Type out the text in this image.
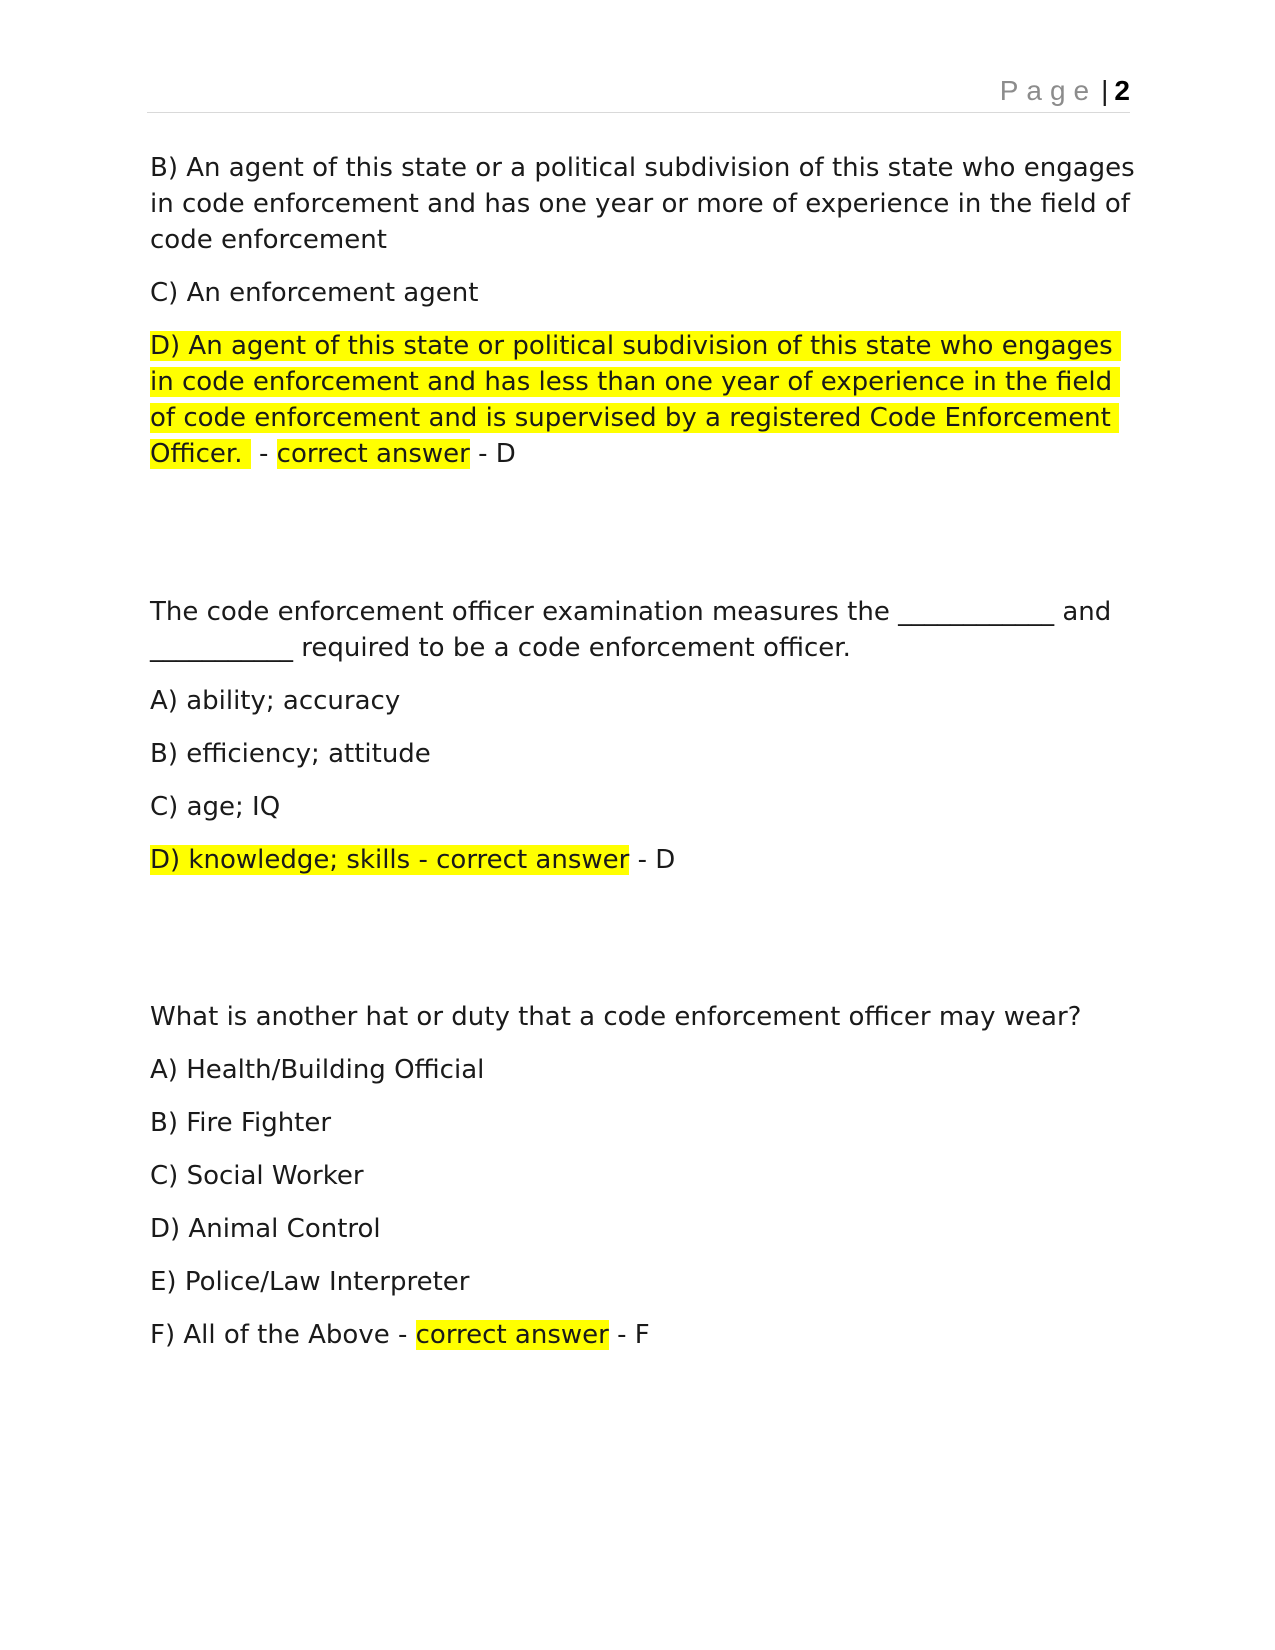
Page | 2

B) An agent of this state or a political subdivision of this state who engages in code enforcement and has one year or more of experience in the field of code enforcement

C) An enforcement agent

D) An agent of this state or political subdivision of this state who engages in code enforcement and has less than one year of experience in the field of code enforcement and is supervised by a registered Code Enforcement Officer.  - correct answer - D

The code enforcement officer examination measures the ____________ and ___________ required to be a code enforcement officer.

A) ability; accuracy

B) efficiency; attitude

C) age; IQ

D) knowledge; skills - correct answer - D

What is another hat or duty that a code enforcement officer may wear?

A) Health/Building Official

B) Fire Fighter

C) Social Worker

D) Animal Control

E) Police/Law Interpreter

F) All of the Above - correct answer - F
